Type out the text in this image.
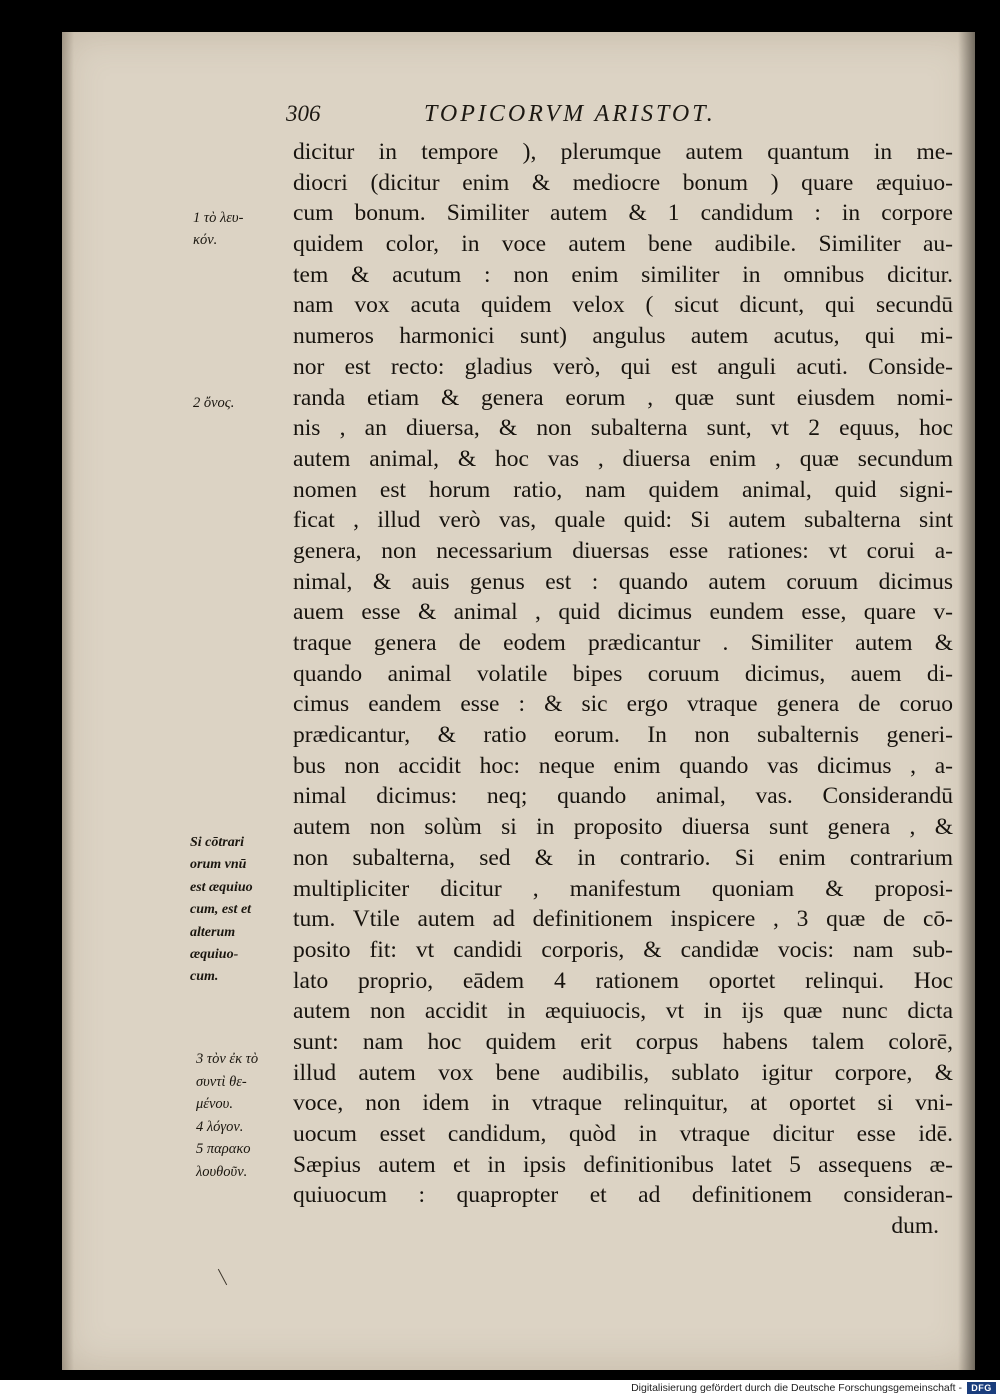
306	TOPICORVM ARISTOT.
dicitur in tempore ), plerumque autem quantum in me-
diocri (dicitur enim & mediocre bonum ) quare æquiuo-
cum bonum. Similiter autem & 1 candidum : in corpore
quidem color, in voce autem bene audibile. Similiter au-
tem & acutum : non enim similiter in omnibus dicitur.
nam vox acuta quidem velox ( sicut dicunt, qui secundū
numeros harmonici sunt) angulus autem acutus, qui mi-
nor est recto: gladius verò, qui est anguli acuti. Conside-
randa etiam & genera eorum , quæ sunt eiusdem nomi-
nis , an diuersa, & non subalterna sunt, vt 2 equus, hoc
autem animal, & hoc vas , diuersa enim , quæ secundum
nomen est horum ratio, nam quidem animal, quid signi-
ficat , illud verò vas, quale quid: Si autem subalterna sint
genera, non necessarium diuersas esse rationes: vt corui a-
nimal, & auis genus est : quando autem coruum dicimus
auem esse & animal , quid dicimus eundem esse, quare v-
traque genera de eodem prædicantur . Similiter autem &
quando animal volatile bipes coruum dicimus, auem di-
cimus eandem esse : & sic ergo vtraque genera de coruo
prædicantur, & ratio eorum. In non subalternis generi-
bus non accidit hoc: neque enim quando vas dicimus , a-
nimal dicimus: neq; quando animal, vas. Considerandū
autem non solùm si in proposito diuersa sunt genera , &
non subalterna, sed & in contrario. Si enim contrarium
multipliciter dicitur , manifestum quoniam & proposi-
tum. Vtile autem ad definitionem inspicere , 3 quæ de cō-
posito fit: vt candidi corporis, & candidæ vocis: nam sub-
lato proprio, eādem 4 rationem oportet relinqui. Hoc
autem non accidit in æquiuocis, vt in ijs quæ nunc dicta
sunt: nam hoc quidem erit corpus habens talem colorē,
illud autem vox bene audibilis, sublato igitur corpore, &
voce, non idem in vtraque relinquitur, at oportet si vni-
uocum esset candidum, quòd in vtraque dicitur esse idē.
Sæpius autem et in ipsis definitionibus latet 5 assequens æ-
quiuocum : quapropter et ad definitionem consideran-
dum.
1 τὸ λευ-
κόν.
2 ὄνος.
Si cōtrari
orum vnū
est æquiuo
cum, est et
alterum
æquiuo-
cum.
3 τὸν ἐκ τὸ
συντὶ θε-
μένου.
4 λόγον.
5 παρακο
λουθοῦν.
Digitalisierung gefördert durch die Deutsche Forschungsgemeinschaft -	DFG
